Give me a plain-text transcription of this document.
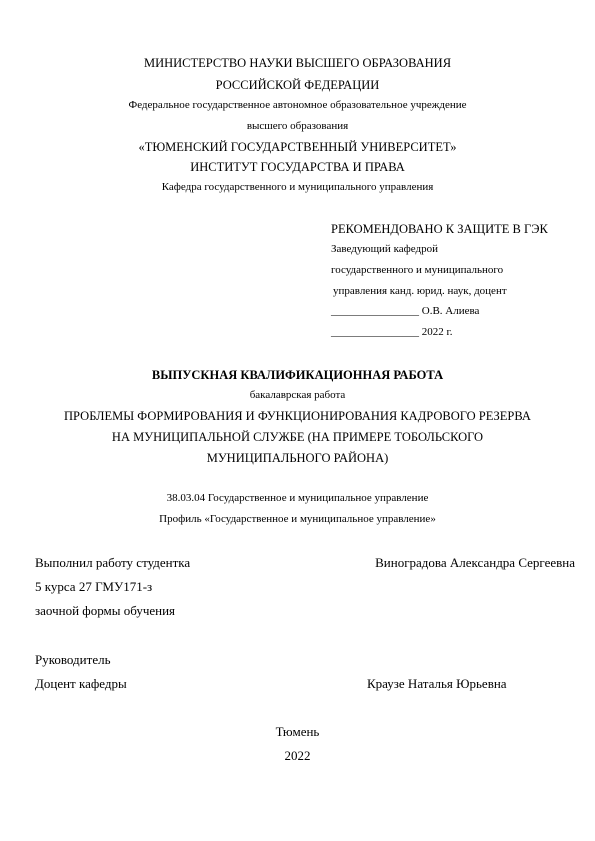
МИНИСТЕРСТВО НАУКИ ВЫСШЕГО ОБРАЗОВАНИЯ
РОССИЙСКОЙ ФЕДЕРАЦИИ
Федеральное государственное автономное образовательное учреждение
высшего образования
«ТЮМЕНСКИЙ ГОСУДАРСТВЕННЫЙ УНИВЕРСИТЕТ»
ИНСТИТУТ ГОСУДАРСТВА И ПРАВА
Кафедра государственного и муниципального управления
РЕКОМЕНДОВАНО К ЗАЩИТЕ В ГЭК
Заведующий кафедрой
государственного и муниципального
управления канд. юрид. наук, доцент
________________ О.В. Алиева
________________ 2022 г.
ВЫПУСКНАЯ КВАЛИФИКАЦИОННАЯ РАБОТА
бакалаврская работа
ПРОБЛЕМЫ ФОРМИРОВАНИЯ И ФУНКЦИОНИРОВАНИЯ КАДРОВОГО РЕЗЕРВА
НА МУНИЦИПАЛЬНОЙ СЛУЖБЕ (НА ПРИМЕРЕ ТОБОЛЬСКОГО
МУНИЦИПАЛЬНОГО РАЙОНА)
38.03.04 Государственное и муниципальное управление
Профиль «Государственное и муниципальное управление»
Выполнил работу студентка	Виноградова Александра Сергеевна
5 курса 27 ГМУ171-з
заочной формы обучения
Руководитель
Доцент кафедры	Краузе Наталья Юрьевна
Тюмень
2022
